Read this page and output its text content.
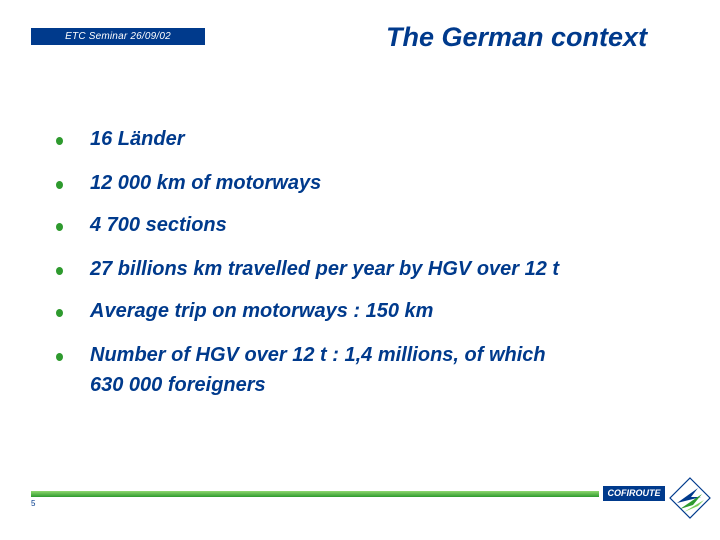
ETC Seminar 26/09/02	The German context
16 Länder
12 000 km of motorways
4 700 sections
27 billions km travelled per year by HGV over 12 t
Average trip on motorways : 150 km
Number of HGV over 12 t : 1,4 millions, of which
630 000 foreigners
5
COFIROUTE
